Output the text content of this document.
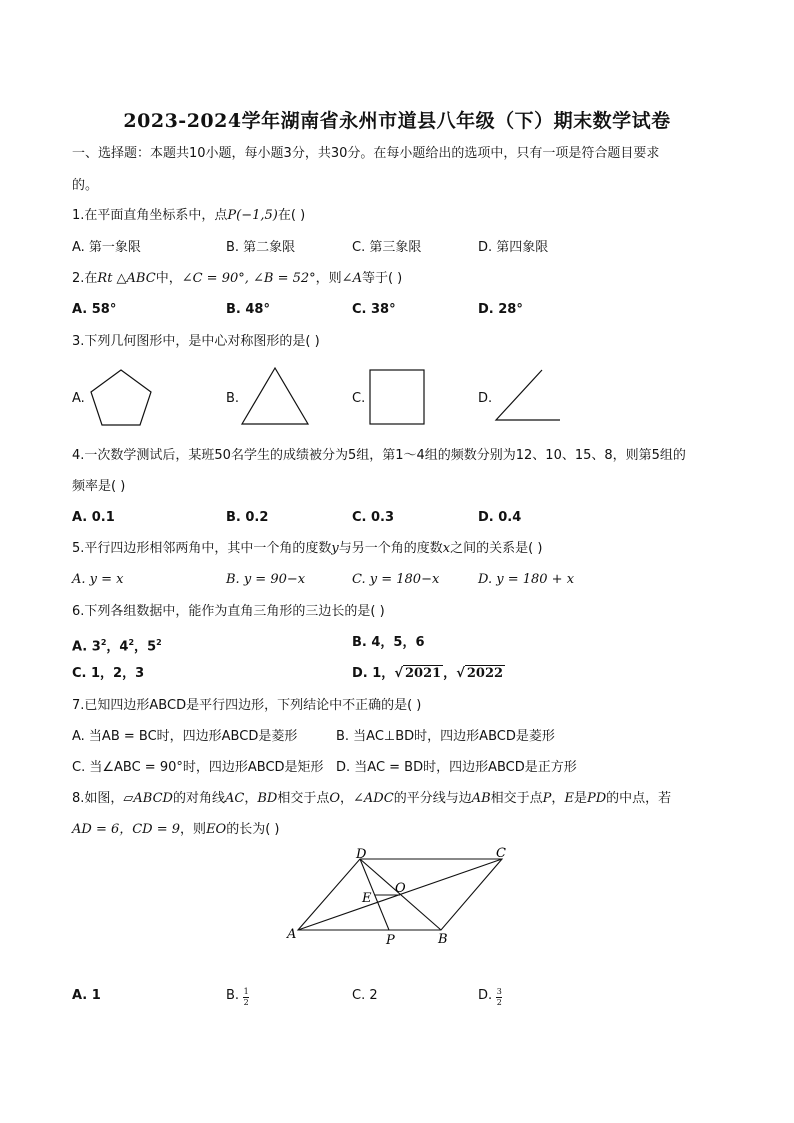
2023-2024学年湖南省永州市道县八年级（下）期末数学试卷
一、选择题：本题共10小题，每小题3分，共30分。在每小题给出的选项中，只有一项是符合题目要求
的。
1.在平面直角坐标系中，点P(−1,5)在( )
A. 第一象限	B. 第二象限	C. 第三象限	D. 第四象限
2.在Rt △ABC中，∠C = 90°, ∠B = 52°，则∠A等于( )
A. 58°	B. 48°	C. 38°	D. 28°
3.下列几何图形中，是中心对称图形的是( )
A.	B.	C.	D.
4.一次数学测试后，某班50名学生的成绩被分为5组，第1～4组的频数分别为12、10、15、8，则第5组的
频率是( )
A. 0.1	B. 0.2	C. 0.3	D. 0.4
5.平行四边形相邻两角中，其中一个角的度数y与另一个角的度数x之间的关系是( )
A. y = x	B. y = 90−x	C. y = 180−x	D. y = 180 + x
6.下列各组数据中，能作为直角三角形的三边长的是( )
A. $3^2$，$4^2$，$5^2$	B. 4，5，6
C. 1，2，3	D. 1，√ 2021 ，√ 2022
7.已知四边形ABCD是平行四边形，下列结论中不正确的是( )
A. 当AB = BC时，四边形ABCD是菱形	B. 当AC⊥BD时，四边形ABCD是菱形
C. 当∠ABC = 90°时，四边形ABCD是矩形 D. 当AC = BD时，四边形ABCD是正方形
8.如图，▱ABCD的对角线AC，BD相交于点O，∠ADC的平分线与边AB相交于点P，E是PD的中点，若
AD = 6，CD = 9，则EO的长为( )
D	C
O
E
A	P	B
A. 1	B. $\frac{1}{2}$	C. 2	D. $\frac{3}{2}$
